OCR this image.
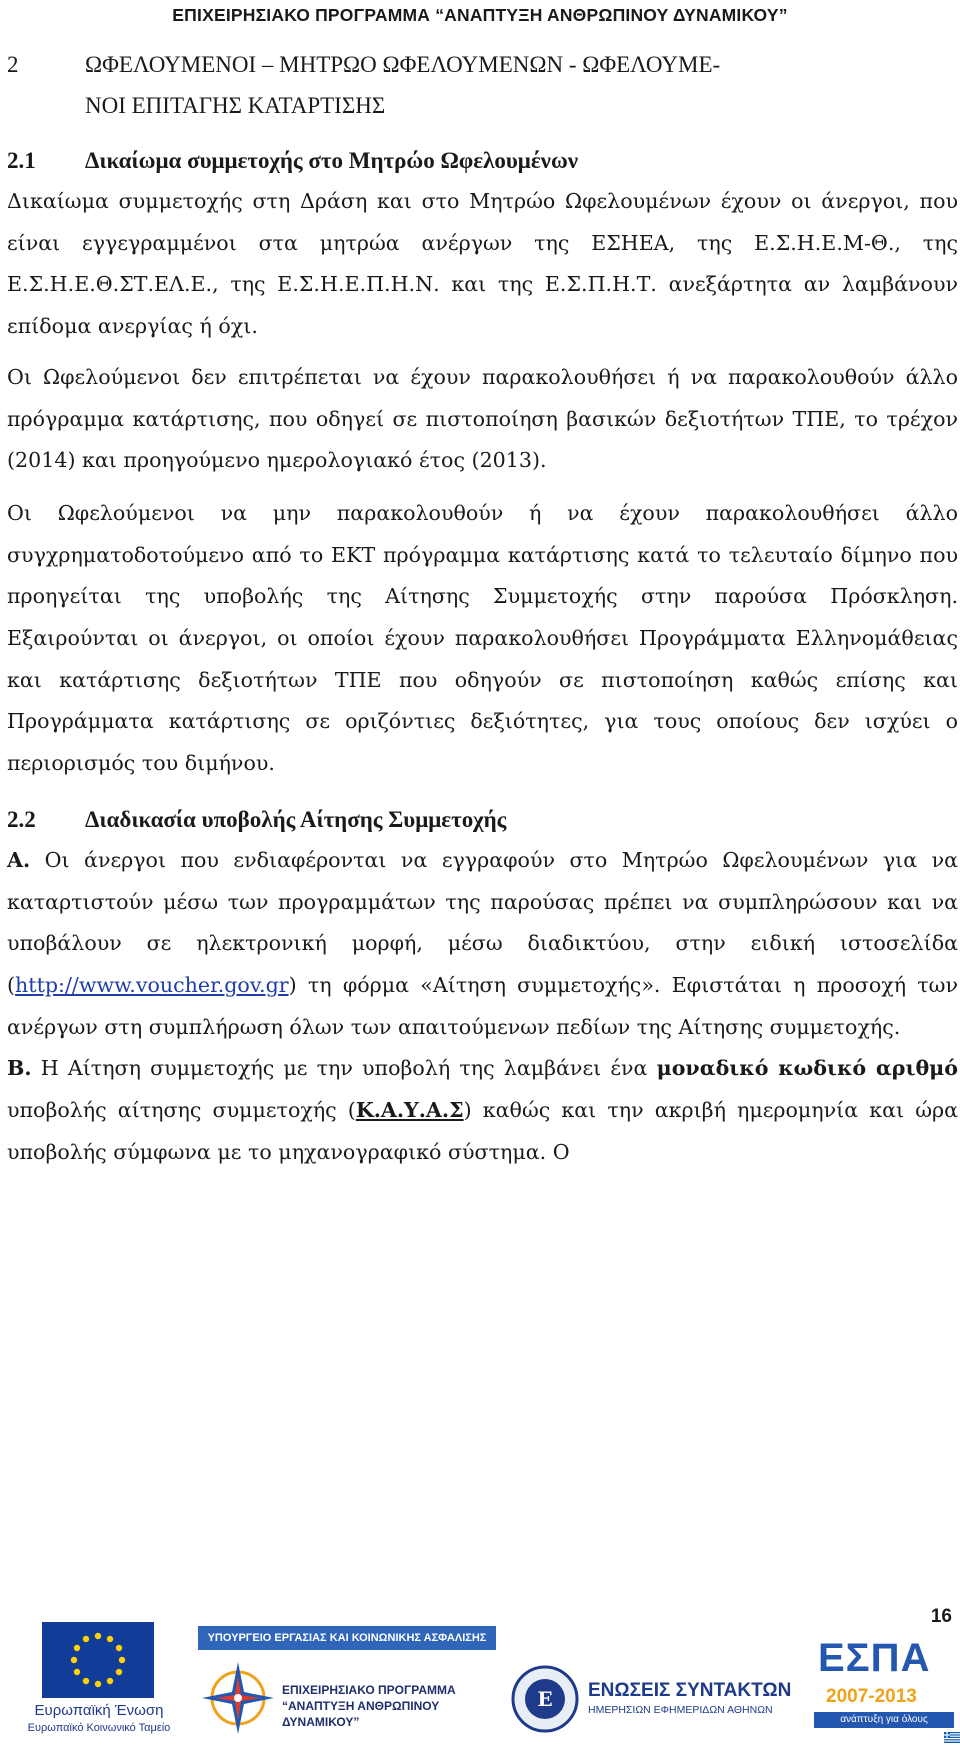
ΕΠΙΧΕΙΡΗΣΙΑΚΟ ΠΡΟΓΡΑΜΜΑ “ΑΝΑΠΤΥΞΗ ΑΝΘΡΩΠΙΝΟΥ ΔΥΝΑΜΙΚΟΥ”
2	ΩΦΕΛΟΥΜΕΝΟΙ – ΜΗΤΡΩΟ ΩΦΕΛΟΥΜΕΝΩΝ - ΩΦΕΛΟΥΜΕ-
ΝΟΙ ΕΠΙΤΑΓΗΣ ΚΑΤΑΡΤΙΣΗΣ
2.1	Δικαίωμα συμμετοχής στο Μητρώο Ωφελουμένων

Δικαίωμα συμμετοχής στη Δράση και στο Μητρώο Ωφελουμένων έχουν οι άνεργοι, που είναι εγγεγραμμένοι στα μητρώα ανέργων της ΕΣΗΕΑ, της Ε.Σ.Η.Ε.Μ-Θ., της Ε.Σ.Η.Ε.Θ.ΣΤ.ΕΛ.Ε., της Ε.Σ.Η.Ε.Π.Η.Ν. και της Ε.Σ.Π.Η.Τ. ανεξάρτητα αν λαμβάνουν επίδομα ανεργίας ή όχι.

Οι Ωφελούμενοι δεν επιτρέπεται να έχουν παρακολουθήσει ή να παρακολουθούν άλλο πρόγραμμα κατάρτισης, που οδηγεί σε πιστοποίηση βασικών δεξιοτήτων ΤΠΕ, το τρέχον (2014) και προηγούμενο ημερολογιακό έτος (2013).

Οι Ωφελούμενοι να μην παρακολουθούν ή να έχουν παρακολουθήσει άλλο συγχρηματοδοτούμενο από το ΕΚΤ πρόγραμμα κατάρτισης κατά το τελευταίο δίμηνο που προηγείται της υποβολής της Αίτησης Συμμετοχής στην παρούσα Πρόσκληση. Εξαιρούνται οι άνεργοι, οι οποίοι έχουν παρακολουθήσει Προγράμματα Ελληνομάθειας και κατάρτισης δεξιοτήτων ΤΠΕ που οδηγούν σε πιστοποίηση καθώς επίσης και Προγράμματα κατάρτισης σε οριζόντιες δεξιότητες, για τους οποίους δεν ισχύει ο περιορισμός του διμήνου.

2.2	Διαδικασία υποβολής Αίτησης Συμμετοχής

Α. Οι άνεργοι που ενδιαφέρονται να εγγραφούν στο Μητρώο Ωφελουμένων για να καταρτιστούν μέσω των προγραμμάτων της παρούσας πρέπει να συμπληρώσουν και να υποβάλουν σε ηλεκτρονική μορφή, μέσω διαδικτύου, στην ειδική ιστοσελίδα (http://www.voucher.gov.gr) τη φόρμα «Αίτηση συμμετοχής». Εφιστάται η προσοχή των ανέργων στη συμπλήρωση όλων των απαιτούμενων πεδίων της Αίτησης συμμετοχής.

Β. Η Αίτηση συμμετοχής με την υποβολή της λαμβάνει ένα μοναδικό κωδικό αριθμό υποβολής αίτησης συμμετοχής (Κ.Α.Υ.Α.Σ) καθώς και την ακριβή ημερομηνία και ώρα υποβολής σύμφωνα με το μηχανογραφικό σύστημα. Ο

16
Ευρωπαϊκή Ένωση
Ευρωπαϊκό Κοινωνικό Ταμείο
ΥΠΟΥΡΓΕΙΟ ΕΡΓΑΣΙΑΣ ΚΑΙ ΚΟΙΝΩΝΙΚΗΣ ΑΣΦΑΛΙΣΗΣ
ΕΠΙΧΕΙΡΗΣΙΑΚΟ ΠΡΟΓΡΑΜΜΑ
“ΑΝΑΠΤΥΞΗ ΑΝΘΡΩΠΙΝΟΥ ΔΥΝΑΜΙΚΟΥ”
Ε ΕΝΩΣΕΙΣ ΣΥΝΤΑΚΤΩΝ
ΗΜΕΡΗΣΙΩΝ ΕΦΗΜΕΡΙΔΩΝ ΑΘΗΝΩΝ
ΕΣΠΑ
2007-2013
ανάπτυξη για όλους
